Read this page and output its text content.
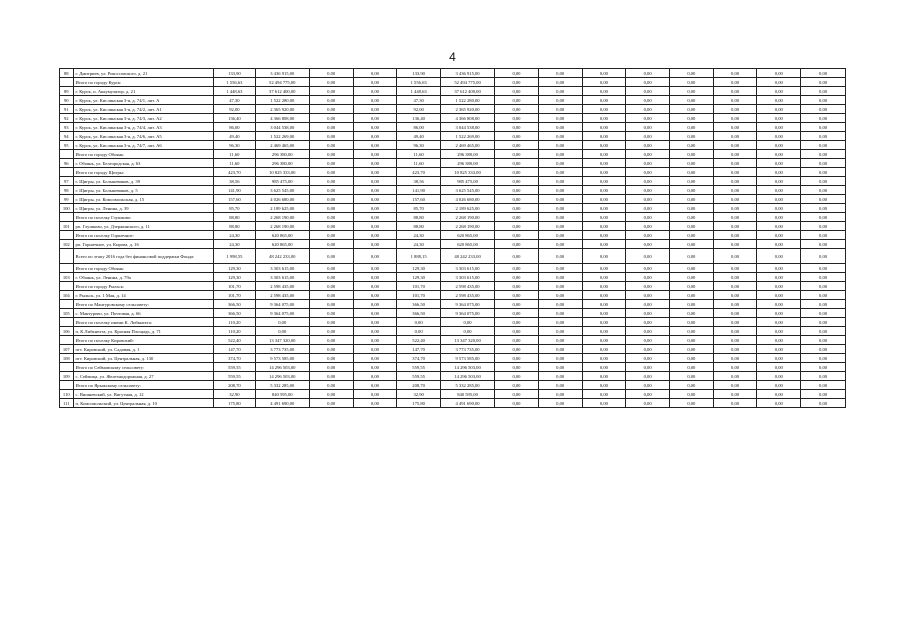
4
88	г. Дмитриев, ул. Рокоссовского, д. 21	133,90	3 436 915,00	0,00	0,00	133,90	3 436 915,00	0,00	0,00	0,00	0,00	0,00	0,00	0,00	0,00
	Итого по городу Курск:	1 556,63	52 494 775,00	0,00	0,00	1 556,63	52 494 775,00	0,00	0,00	0,00	0,00	0,00	0,00	0,00	0,00
89	г. Курск, п. Аккумулятор, д. 21	1 448,63	37 612 400,00	0,00	0,00	1 448,63	37 612 400,00	0,00	0,00	0,00	0,00	0,00	0,00	0,00	0,00
90	г. Курск, ул. Кислинская 3-я, д. 74/1, лит. А	47,30	1 522 280,00	0,00	0,00	47,30	1 522 280,00	0,00	0,00	0,00	0,00	0,00	0,00	0,00	0,00
91	г. Курск, ул. Кислинская 3-я, д. 74/2, лит. А1	92,00	2 365 920,00	0,00	0,00	92,00	2 365 920,00	0,00	0,00	0,00	0,00	0,00	0,00	0,00	0,00
92	г. Курск, ул. Кислинская 3-я, д. 74/3, лит. А2	136,40	4 366 808,00	0,00	0,00	136,40	4 366 808,00	0,00	0,00	0,00	0,00	0,00	0,00	0,00	0,00
93	г. Курск, ул. Кислинская 3-я, д. 74/4, лит. А3	86,00	3 044 538,00	0,00	0,00	86,00	3 044 538,00	0,00	0,00	0,00	0,00	0,00	0,00	0,00	0,00
94	г. Курск, ул. Кислинская 3-я, д. 74/6, лит. А5	49,40	1 522 269,00	0,00	0,00	49,40	1 522 269,00	0,00	0,00	0,00	0,00	0,00	0,00	0,00	0,00
95	г. Курск, ул. Кислинская 3-я, д. 74/7, лит. А6	96,30	2 469 465,00	0,00	0,00	96,30	2 469 465,00	0,00	0,00	0,00	0,00	0,00	0,00	0,00	0,00
	Итого по городу Обоянь:	11,60	296 380,00	0,00	0,00	11,60	296 380,00	0,00	0,00	0,00	0,00	0,00	0,00	0,00	0,00
96	г. Обоянь, ул. Белгородская, д. 63	11,60	296 380,00	0,00	0,00	11,60	296 380,00	0,00	0,00	0,00	0,00	0,00	0,00	0,00	0,00
	Итого по городу Щигры:	423,70	10 825 333,00	0,00	0,00	423,70	10 825 333,00	0,00	0,00	0,00	0,00	0,00	0,00	0,00	0,00
97	г. Щигры, ул. Большевиков, д. 39	38,56	985 475,00	0,00	0,00	38,56	985 475,00	0,00	0,00	0,00	0,00	0,00	0,00	0,00	0,00
98	г. Щигры, ул. Большевиков, д. 5	141,90	3 625 545,00	0,00	0,00	141,90	3 625 545,00	0,00	0,00	0,00	0,00	0,00	0,00	0,00	0,00
99	г. Щигры, ул. Комсомольская, д. 15	157,60	4 026 680,00	0,00	0,00	157,60	4 026 680,00	0,00	0,00	0,00	0,00	0,00	0,00	0,00	0,00
100	г. Щигры, ул. Ленина, д. 39	85,70	2 189 625,00	0,00	0,00	85,70	2 189 625,00	0,00	0,00	0,00	0,00	0,00	0,00	0,00	0,00
	Итого по поселку Глушково:	88,80	2 268 190,00	0,00	0,00	88,80	2 268 190,00	0,00	0,00	0,00	0,00	0,00	0,00	0,00	0,00
101	рп. Глушково, ул. Дзержинского, д. 11	88,80	2 268 190,00	0,00	0,00	88,80	2 268 190,00	0,00	0,00	0,00	0,00	0,00	0,00	0,00	0,00
	Итого по поселку Горшечное:	24,30	620 865,00	0,00	0,00	24,30	620 865,00	0,00	0,00	0,00	0,00	0,00	0,00	0,00	0,00
102	рп. Горшечное, ул. Кирова, д. 16	24,30	620 865,00	0,00	0,00	24,30	620 865,00	0,00	0,00	0,00	0,00	0,00	0,00	0,00	0,00
	Всего по этапу 2016 года без финансовой поддержки Фонда:	1 998,55	48 242 233,00	0,00	0,00	1 888,15	48 242 233,00	0,00	0,00	0,00	0,00	0,00	0,00	0,00	0,00
	Итого по городу Обоянь:	129,30	3 303 615,00	0,00	0,00	129,30	3 303 615,00	0,00	0,00	0,00	0,00	0,00	0,00	0,00	0,00
103	г. Обоянь, ул. Ленина, д. 79а	129,30	3 303 615,00	0,00	0,00	129,30	3 303 615,00	0,00	0,00	0,00	0,00	0,00	0,00	0,00	0,00
	Итого по городу Рыльск:	101,70	2 598 435,00	0,00	0,00	101,70	2 598 435,00	0,00	0,00	0,00	0,00	0,00	0,00	0,00	0,00
104	г. Рыльск, ул. 1 Мая, д. 14	101,70	2 598 435,00	0,00	0,00	101,70	2 598 435,00	0,00	0,00	0,00	0,00	0,00	0,00	0,00	0,00
	Итого по Мантуровскому сельсовету:	366,50	9 364 075,00	0,00	0,00	366,50	9 364 075,00	0,00	0,00	0,00	0,00	0,00	0,00	0,00	0,00
105	с. Мантурово, ул. Почтовая, д. 66	366,50	9 364 075,00	0,00	0,00	366,50	9 364 075,00	0,00	0,00	0,00	0,00	0,00	0,00	0,00	0,00
	Итого по поселку имени К. Либкнехта:	110,20	0,00	0,00	0,00	0,00	0,00	0,00	0,00	0,00	0,00	0,00	0,00	0,00	0,00
106	п. К.Либкнехта, ул. Красная Площадь, д. 71	110,20	0,00	0,00	0,00	0,00	0,00	0,00	0,00	0,00	0,00	0,00	0,00	0,00	0,00
	Итого по поселку Кировский:	522,40	13 347 320,00	0,00	0,00	522,40	13 347 320,00	0,00	0,00	0,00	0,00	0,00	0,00	0,00	0,00
107	пгт. Кировский, ул. Садовая, д. 1	147,70	3 773 735,00	0,00	0,00	147,70	3 773 735,00	0,00	0,00	0,00	0,00	0,00	0,00	0,00	0,00
108	пгт. Кировский, ул. Центральная, д. 130	374,70	9 573 585,00	0,00	0,00	374,70	9 573 585,00	0,00	0,00	0,00	0,00	0,00	0,00	0,00	0,00
	Итого по Сеймовскому сельсовету:	559,55	14 296 503,00	0,00	0,00	559,55	14 296 503,00	0,00	0,00	0,00	0,00	0,00	0,00	0,00	0,00
109	с. Сеймица, ул. Железнодорожная, д. 27	559,55	14 296 503,00	0,00	0,00	559,55	14 296 503,00	0,00	0,00	0,00	0,00	0,00	0,00	0,00	0,00
	Итого по Ярыжскому сельсовету:	208,70	5 332 285,00	0,00	0,00	208,70	5 332 285,00	0,00	0,00	0,00	0,00	0,00	0,00	0,00	0,00
110	с. Вишневский, ул. Вигутная, д. 12	32,90	840 595,00	0,00	0,00	32,90	840 595,00	0,00	0,00	0,00	0,00	0,00	0,00	0,00	0,00
111	п. Комсомольский, ул. Центральная, д. 10	175,80	4 491 690,00	0,00	0,00	175,80	4 491 690,00	0,00	0,00	0,00	0,00	0,00	0,00	0,00	0,00
